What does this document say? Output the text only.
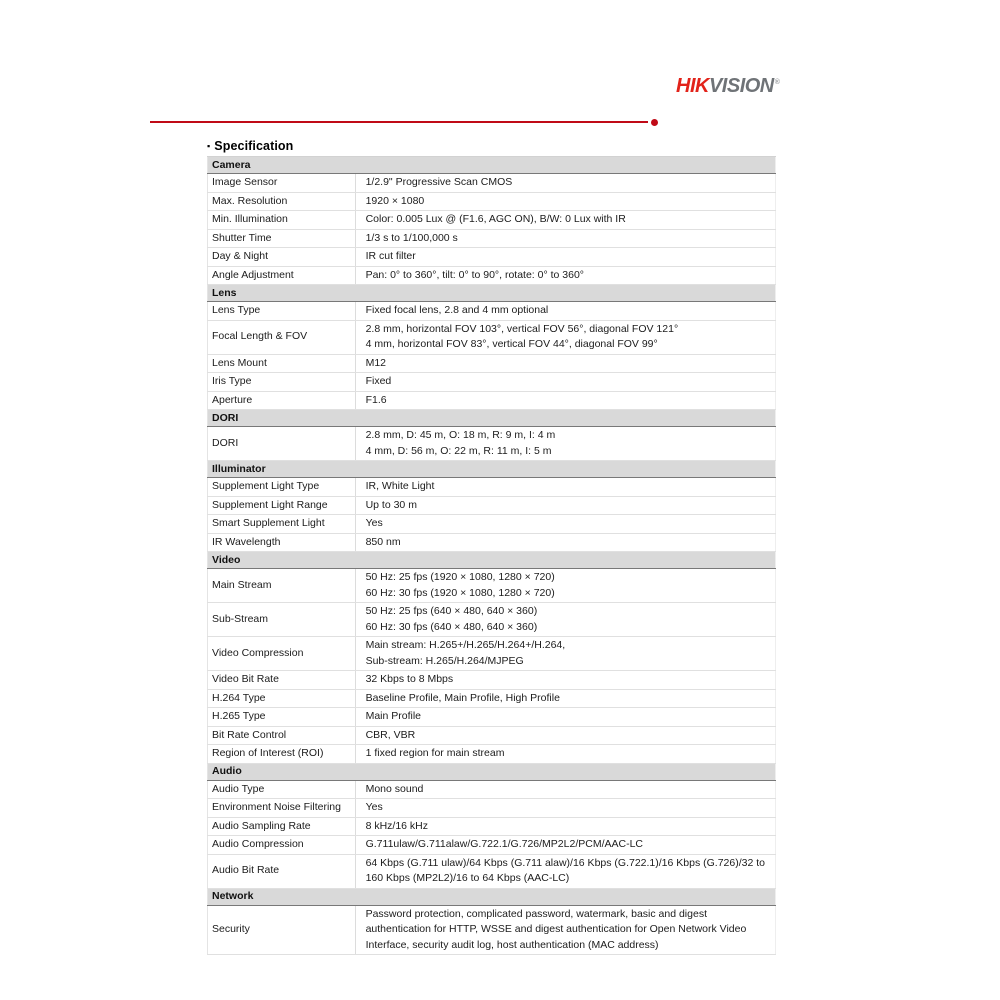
HIKVISION®
▪ Specification
Camera	

Image Sensor	1/2.9" Progressive Scan CMOS

Max. Resolution	1920 × 1080

Min. Illumination	Color: 0.005 Lux @ (F1.6, AGC ON), B/W: 0 Lux with IR

Shutter Time	1/3 s to 1/100,000 s

Day & Night	IR cut filter

Angle Adjustment	Pan: 0° to 360°, tilt: 0° to 90°, rotate: 0° to 360°

Lens	

Lens Type	Fixed focal lens, 2.8 and 4 mm optional

Focal Length & FOV	2.8 mm, horizontal FOV 103°, vertical FOV 56°, diagonal FOV 121°
4 mm, horizontal FOV 83°, vertical FOV 44°, diagonal FOV 99°

Lens Mount	M12

Iris Type	Fixed

Aperture	F1.6

DORI	

DORI	2.8 mm, D: 45 m, O: 18 m, R: 9 m, I: 4 m
4 mm, D: 56 m, O: 22 m, R: 11 m, I: 5 m

Illuminator	

Supplement Light Type	IR, White Light

Supplement Light Range	Up to 30 m

Smart Supplement Light	Yes

IR Wavelength	850 nm

Video	

Main Stream	50 Hz: 25 fps (1920 × 1080, 1280 × 720)
60 Hz: 30 fps (1920 × 1080, 1280 × 720)

Sub-Stream	50 Hz: 25 fps (640 × 480, 640 × 360)
60 Hz: 30 fps (640 × 480, 640 × 360)

Video Compression	Main stream: H.265+/H.265/H.264+/H.264,
Sub-stream: H.265/H.264/MJPEG

Video Bit Rate	32 Kbps to 8 Mbps

H.264 Type	Baseline Profile, Main Profile, High Profile

H.265 Type	Main Profile

Bit Rate Control	CBR, VBR

Region of Interest (ROI)	1 fixed region for main stream

Audio	

Audio Type	Mono sound

Environment Noise Filtering	Yes

Audio Sampling Rate	8 kHz/16 kHz

Audio Compression	G.711ulaw/G.711alaw/G.722.1/G.726/MP2L2/PCM/AAC-LC

Audio Bit Rate	64 Kbps (G.711 ulaw)/64 Kbps (G.711 alaw)/16 Kbps (G.722.1)/16 Kbps (G.726)/32 to
160 Kbps (MP2L2)/16 to 64 Kbps (AAC-LC)

Network	

Security	Password protection, complicated password, watermark, basic and digest
authentication for HTTP, WSSE and digest authentication for Open Network Video
Interface, security audit log, host authentication (MAC address)
